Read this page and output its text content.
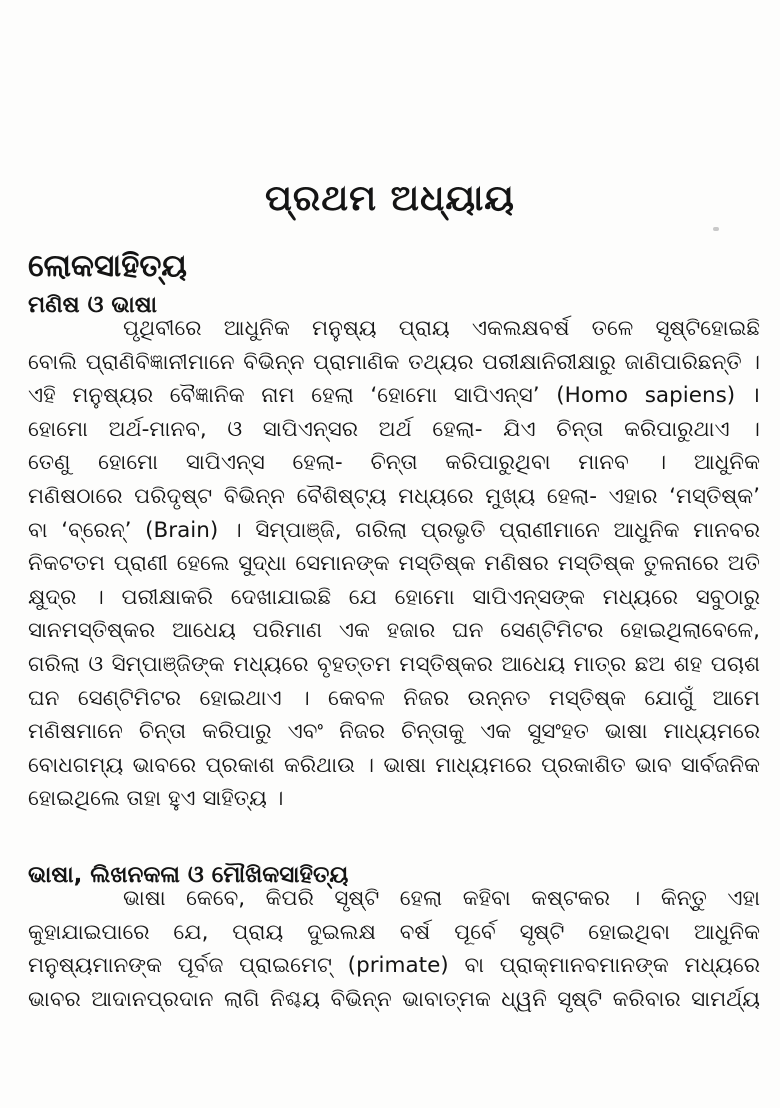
ପ୍ରଥମ ଅଧ୍ୟାୟ
ଲୋକସାହିତ୍ୟ
ମଣିଷ ଓ ଭାଷା
ପୃଥିବୀରେ ଆଧୁନିକ ମନୁଷ୍ୟ ପ୍ରାୟ ଏକଲକ୍ଷବର୍ଷ ତଳେ ସୃଷ୍ଟିହୋଇଛି
ବୋଲି ପ୍ରାଣିବିଜ୍ଞାନୀମାନେ ବିଭିନ୍ନ ପ୍ରାମାଣିକ ତଥ୍ୟର ପରୀକ୍ଷାନିରୀକ୍ଷାରୁ ଜାଣିପାରିଛନ୍ତି ।
ଏହି ମନୁଷ୍ୟର ବୈଜ୍ଞାନିକ ନାମ ହେଲା ‘ହୋମୋ ସାପିଏନ୍ସ’ (Homo sapiens) ।
ହୋମୋ ଅର୍ଥ-ମାନବ, ଓ ସାପିଏନ୍ସର ଅର୍ଥ ହେଲା- ଯିଏ ଚିନ୍ତା କରିପାରୁଥାଏ ।
ତେଣୁ ହୋମୋ ସାପିଏନ୍ସ ହେଲା- ଚିନ୍ତା କରିପାରୁଥିବା ମାନବ । ଆଧୁନିକ
ମଣିଷଠାରେ ପରିଦୃଷ୍ଟ ବିଭିନ୍ନ ବୈଶିଷ୍ଟ୍ୟ ମଧ୍ୟରେ ମୁଖ୍ୟ ହେଲା- ଏହାର ‘ମସ୍ତିଷ୍କ’
ବା ‘ବ୍ରେନ୍’ (Brain) । ସିମ୍ପାଞ୍ଜି, ଗରିଲା ପ୍ରଭୃତି ପ୍ରାଣୀମାନେ ଆଧୁନିକ ମାନବର
ନିକଟତମ ପ୍ରାଣୀ ହେଲେ ସୁଦ୍ଧା ସେମାନଙ୍କ ମସ୍ତିଷ୍କ ମଣିଷର ମସ୍ତିଷ୍କ ତୁଳନାରେ ଅତି
କ୍ଷୁଦ୍ର । ପରୀକ୍ଷାକରି ଦେଖାଯାଇଛି ଯେ ହୋମୋ ସାପିଏନ୍ସଙ୍କ ମଧ୍ୟରେ ସବୁଠାରୁ
ସାନମସ୍ତିଷ୍କର ଆଧେୟ ପରିମାଣ ଏକ ହଜାର ଘନ ସେଣ୍ଟିମିଟର ହୋଇଥିଲାବେଳେ,
ଗରିଲା ଓ ସିମ୍ପାଞ୍ଜିଙ୍କ ମଧ୍ୟରେ ବୃହତ୍ତମ ମସ୍ତିଷ୍କର ଆଧେୟ ମାତ୍ର ଛଅ ଶହ ପଚାଶ
ଘନ ସେଣ୍ଟିମିଟର ହୋଇଥାଏ । କେବଳ ନିଜର ଉନ୍ନତ ମସ୍ତିଷ୍କ ଯୋଗୁଁ ଆମେ
ମଣିଷମାନେ ଚିନ୍ତା କରିପାରୁ ଏବଂ ନିଜର ଚିନ୍ତାକୁ ଏକ ସୁସଂହତ ଭାଷା ମାଧ୍ୟମରେ
ବୋଧଗମ୍ୟ ଭାବରେ ପ୍ରକାଶ କରିଥାଉ । ଭାଷା ମାଧ୍ୟମରେ ପ୍ରକାଶିତ ଭାବ ସାର୍ବଜନିକ
ହୋଇଥିଲେ ତାହା ହୁଏ ସାହିତ୍ୟ ।
ଭାଷା, ଲିଖନକଳା ଓ ମୌଖିକସାହିତ୍ୟ
ଭାଷା କେବେ, କିପରି ସୃଷ୍ଟି ହେଲା କହିବା କଷ୍ଟକର । କିନ୍ତୁ ଏହା
କୁହାଯାଇପାରେ ଯେ, ପ୍ରାୟ ଦୁଇଲକ୍ଷ ବର୍ଷ ପୂର୍ବେ ସୃଷ୍ଟି ହୋଇଥିବା ଆଧୁନିକ
ମନୁଷ୍ୟମାନଙ୍କ ପୂର୍ବଜ ପ୍ରାଇମେଟ୍ (primate) ବା ପ୍ରାକ୍ମାନବମାନଙ୍କ ମଧ୍ୟରେ
ଭାବର ଆଦାନପ୍ରଦାନ ଲାଗି ନିଶ୍ଚୟ ବିଭିନ୍ନ ଭାବାତ୍ମକ ଧ୍ୱନି ସୃଷ୍ଟି କରିବାର ସାମର୍ଥ୍ୟ
